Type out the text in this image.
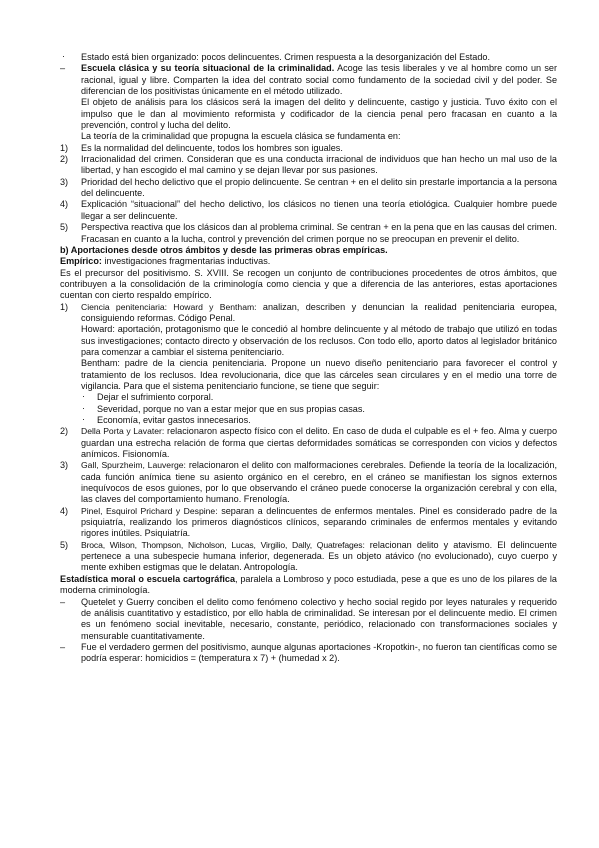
· Estado está bien organizado: pocos delincuentes. Crimen respuesta a la desorganización del Estado.

– Escuela clásica y su teoría situacional de la criminalidad. Acoge las tesis liberales y ve al hombre como un ser racional, igual y libre. Comparten la idea del contrato social como fundamento de la sociedad civil y del poder. Se diferencian de los positivistas únicamente en el método utilizado.

El objeto de análisis para los clásicos será la imagen del delito y delincuente, castigo y justicia. Tuvo éxito con el impulso que le dan al movimiento reformista y codificador de la ciencia penal pero fracasan en cuanto a la prevención, control y lucha del delito.

La teoría de la criminalidad que propugna la escuela clásica se fundamenta en:

1) Es la normalidad del delincuente, todos los hombres son iguales.

2) Irracionalidad del crimen. Consideran que es una conducta irracional de individuos que han hecho un mal uso de la libertad, y han escogido el mal camino y se dejan llevar por sus pasiones.

3) Prioridad del hecho delictivo que el propio delincuente. Se centran + en el delito sin prestarle importancia a la persona del delincuente.

4) Explicación “situacional” del hecho delictivo, los clásicos no tienen una teoría etiológica. Cualquier hombre puede llegar a ser delincuente.

5) Perspectiva reactiva que los clásicos dan al problema criminal. Se centran + en la pena que en las causas del crimen. Fracasan en cuanto a la lucha, control y prevención del crimen porque no se preocupan en prevenir el delito.

b) Aportaciones desde otros ámbitos y desde las primeras obras empíricas.

Empírico: investigaciones fragmentarias inductivas.

Es el precursor del positivismo. S. XVIII. Se recogen un conjunto de contribuciones procedentes de otros ámbitos, que contribuyen a la consolidación de la criminología como ciencia y que a diferencia de las anteriores, estas aportaciones cuentan con cierto respaldo empírico.

1) Ciencia penitenciaria: Howard y Bentham: analizan, describen y denuncian la realidad penitenciaria europea, consiguiendo reformas. Código Penal.

Howard: aportación, protagonismo que le concedió al hombre delincuente y al método de trabajo que utilizó en todas sus investigaciones; contacto directo y observación de los reclusos. Con todo ello, aporto datos al legislador británico para comenzar a cambiar el sistema penitenciario.

Bentham: padre de la ciencia penitenciaria. Propone un nuevo diseño penitenciario para favorecer el control y tratamiento de los reclusos. Idea revolucionaria, dice que las cárceles sean circulares y en el medio una torre de vigilancia. Para que el sistema penitenciario funcione, se tiene que seguir:

· Dejar el sufrimiento corporal.

· Severidad, porque no van a estar mejor que en sus propias casas.

· Economía, evitar gastos innecesarios.

2) Della Porta y Lavater: relacionaron aspecto físico con el delito. En caso de duda el culpable es el + feo. Alma y cuerpo guardan una estrecha relación de forma que ciertas deformidades somáticas se corresponden con vicios y defectos anímicos. Fisionomía.

3) Gall, Spurzheim, Lauverge: relacionaron el delito con malformaciones cerebrales. Defiende la teoría de la localización, cada función anímica tiene su asiento orgánico en el cerebro, en el cráneo se manifiestan los signos externos inequívocos de esos guiones, por lo que observando el cráneo puede conocerse la organización cerebral y con ella, las claves del comportamiento humano. Frenología.

4) Pinel, Esquirol Prichard y Despine: separan a delincuentes de enfermos mentales. Pinel es considerado padre de la psiquiatría, realizando los primeros diagnósticos clínicos, separando criminales de enfermos mentales y evitando rigores inútiles. Psiquiatría.

5) Broca, Wilson, Thompson, Nicholson, Lucas, Virgilio, Dally, Quatrefages: relacionan delito y atavismo. El delincuente pertenece a una subespecie humana inferior, degenerada. Es un objeto atávico (no evolucionado), cuyo cuerpo y mente exhiben estigmas que le delatan. Antropología.

Estadística moral o escuela cartográfica, paralela a Lombroso y poco estudiada, pese a que es uno de los pilares de la moderna criminología.

– Quetelet y Guerry conciben el delito como fenómeno colectivo y hecho social regido por leyes naturales y requerido de análisis cuantitativo y estadístico, por ello habla de criminalidad. Se interesan por el delincuente medio. El crimen es un fenómeno social inevitable, necesario, constante, periódico, relacionado con transformaciones sociales y mensurable cuantitativamente.

– Fue el verdadero germen del positivismo, aunque algunas aportaciones -Kropotkin-, no fueron tan científicas como se podría esperar: homicidios = (temperatura x 7) + (humedad x 2).
